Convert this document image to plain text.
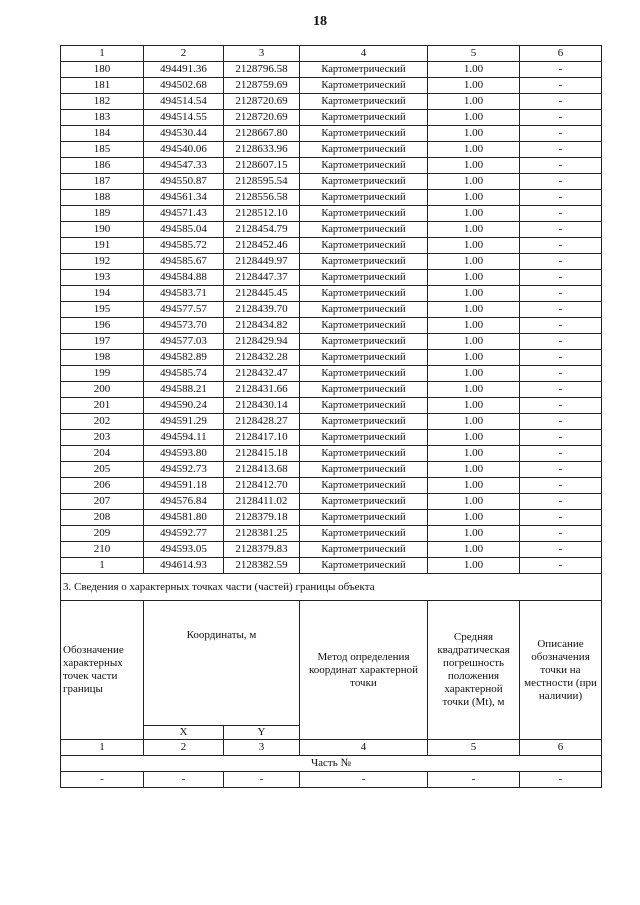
18
1	2	3	4	5	6
180	494491.36	2128796.58	Картометрический	1.00	-
181	494502.68	2128759.69	Картометрический	1.00	-
182	494514.54	2128720.69	Картометрический	1.00	-
183	494514.55	2128720.69	Картометрический	1.00	-
184	494530.44	2128667.80	Картометрический	1.00	-
185	494540.06	2128633.96	Картометрический	1.00	-
186	494547.33	2128607.15	Картометрический	1.00	-
187	494550.87	2128595.54	Картометрический	1.00	-
188	494561.34	2128556.58	Картометрический	1.00	-
189	494571.43	2128512.10	Картометрический	1.00	-
190	494585.04	2128454.79	Картометрический	1.00	-
191	494585.72	2128452.46	Картометрический	1.00	-
192	494585.67	2128449.97	Картометрический	1.00	-
193	494584.88	2128447.37	Картометрический	1.00	-
194	494583.71	2128445.45	Картометрический	1.00	-
195	494577.57	2128439.70	Картометрический	1.00	-
196	494573.70	2128434.82	Картометрический	1.00	-
197	494577.03	2128429.94	Картометрический	1.00	-
198	494582.89	2128432.28	Картометрический	1.00	-
199	494585.74	2128432.47	Картометрический	1.00	-
200	494588.21	2128431.66	Картометрический	1.00	-
201	494590.24	2128430.14	Картометрический	1.00	-
202	494591.29	2128428.27	Картометрический	1.00	-
203	494594.11	2128417.10	Картометрический	1.00	-
204	494593.80	2128415.18	Картометрический	1.00	-
205	494592.73	2128413.68	Картометрический	1.00	-
206	494591.18	2128412.70	Картометрический	1.00	-
207	494576.84	2128411.02	Картометрический	1.00	-
208	494581.80	2128379.18	Картометрический	1.00	-
209	494592.77	2128381.25	Картометрический	1.00	-
210	494593.05	2128379.83	Картометрический	1.00	-
1	494614.93	2128382.59	Картометрический	1.00	-
3. Сведения о характерных точках части (частей) границы объекта					
Обозначение характерных точек части границы	Координаты, м		Метод определения координат характерной точки	Средняя квадратическая погрешность положения характерной точки (Mt), м	Описание обозначения точки на местности (при наличии)
	X	Y			
1	2	3	4	5	6
Часть №					
-	-	-	-	-	-
